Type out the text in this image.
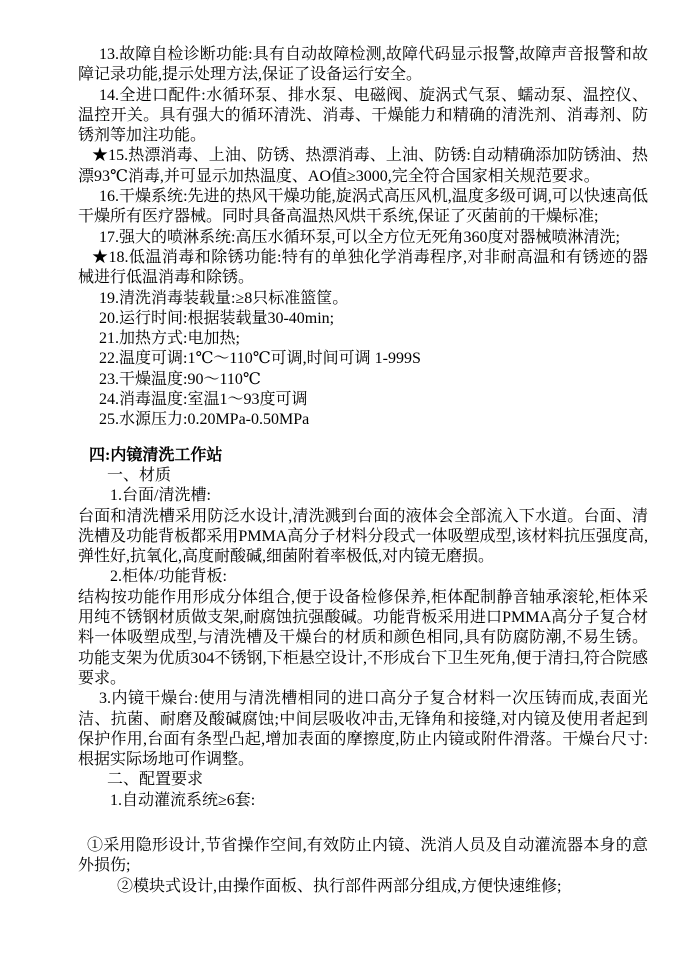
13.故障自检诊断功能:具有自动故障检测,故障代码显示报警,故障声音报警和故障记录功能,提示处理方法,保证了设备运行安全。

14.全进口配件:水循环泵、排水泵、电磁阀、旋涡式气泵、蠕动泵、温控仪、温控开关。具有强大的循环清洗、消毒、干燥能力和精确的清洗剂、消毒剂、防锈剂等加注功能。

★15.热漂消毒、上油、防锈、热漂消毒、上油、防锈:自动精确添加防锈油、热漂93℃消毒,并可显示加热温度、AO值≥3000,完全符合国家相关规范要求。

16.干燥系统:先进的热风干燥功能,旋涡式高压风机,温度多级可调,可以快速高低干燥所有医疗器械。同时具备高温热风烘干系统,保证了灭菌前的干燥标准;

17.强大的喷淋系统:高压水循环泵,可以全方位无死角360度对器械喷淋清洗;

★18.低温消毒和除锈功能:特有的单独化学消毒程序,对非耐高温和有锈迹的器械进行低温消毒和除锈。

19.清洗消毒装载量:≥8只标准篮筐。

20.运行时间:根据装载量30-40min;

21.加热方式:电加热;

22.温度可调:1℃～110℃可调,时间可调 1-999S

23.干燥温度:90～110℃

24.消毒温度:室温1～93度可调

25.水源压力:0.20MPa-0.50MPa

四:内镜清洗工作站

一、材质

1.台面/清洗槽:

台面和清洗槽采用防泛水设计,清洗溅到台面的液体会全部流入下水道。台面、清洗槽及功能背板都采用PMMA高分子材料分段式一体吸塑成型,该材料抗压强度高,弹性好,抗氧化,高度耐酸碱,细菌附着率极低,对内镜无磨损。

2.柜体/功能背板:

结构按功能作用形成分体组合,便于设备检修保养,柜体配制静音轴承滚轮,柜体采用纯不锈钢材质做支架,耐腐蚀抗强酸碱。功能背板采用进口PMMA高分子复合材料一体吸塑成型,与清洗槽及干燥台的材质和颜色相同,具有防腐防潮,不易生锈。功能支架为优质304不锈钢,下柜悬空设计,不形成台下卫生死角,便于清扫,符合院感要求。

3.内镜干燥台:使用与清洗槽相同的进口高分子复合材料一次压铸而成,表面光洁、抗菌、耐磨及酸碱腐蚀;中间层吸收冲击,无锋角和接缝,对内镜及使用者起到保护作用,台面有条型凸起,增加表面的摩擦度,防止内镜或附件滑落。干燥台尺寸:根据实际场地可作调整。

二、配置要求

1.自动灌流系统≥6套:

①采用隐形设计,节省操作空间,有效防止内镜、洗消人员及自动灌流器本身的意外损伤;

②模块式设计,由操作面板、执行部件两部分组成,方便快速维修;
